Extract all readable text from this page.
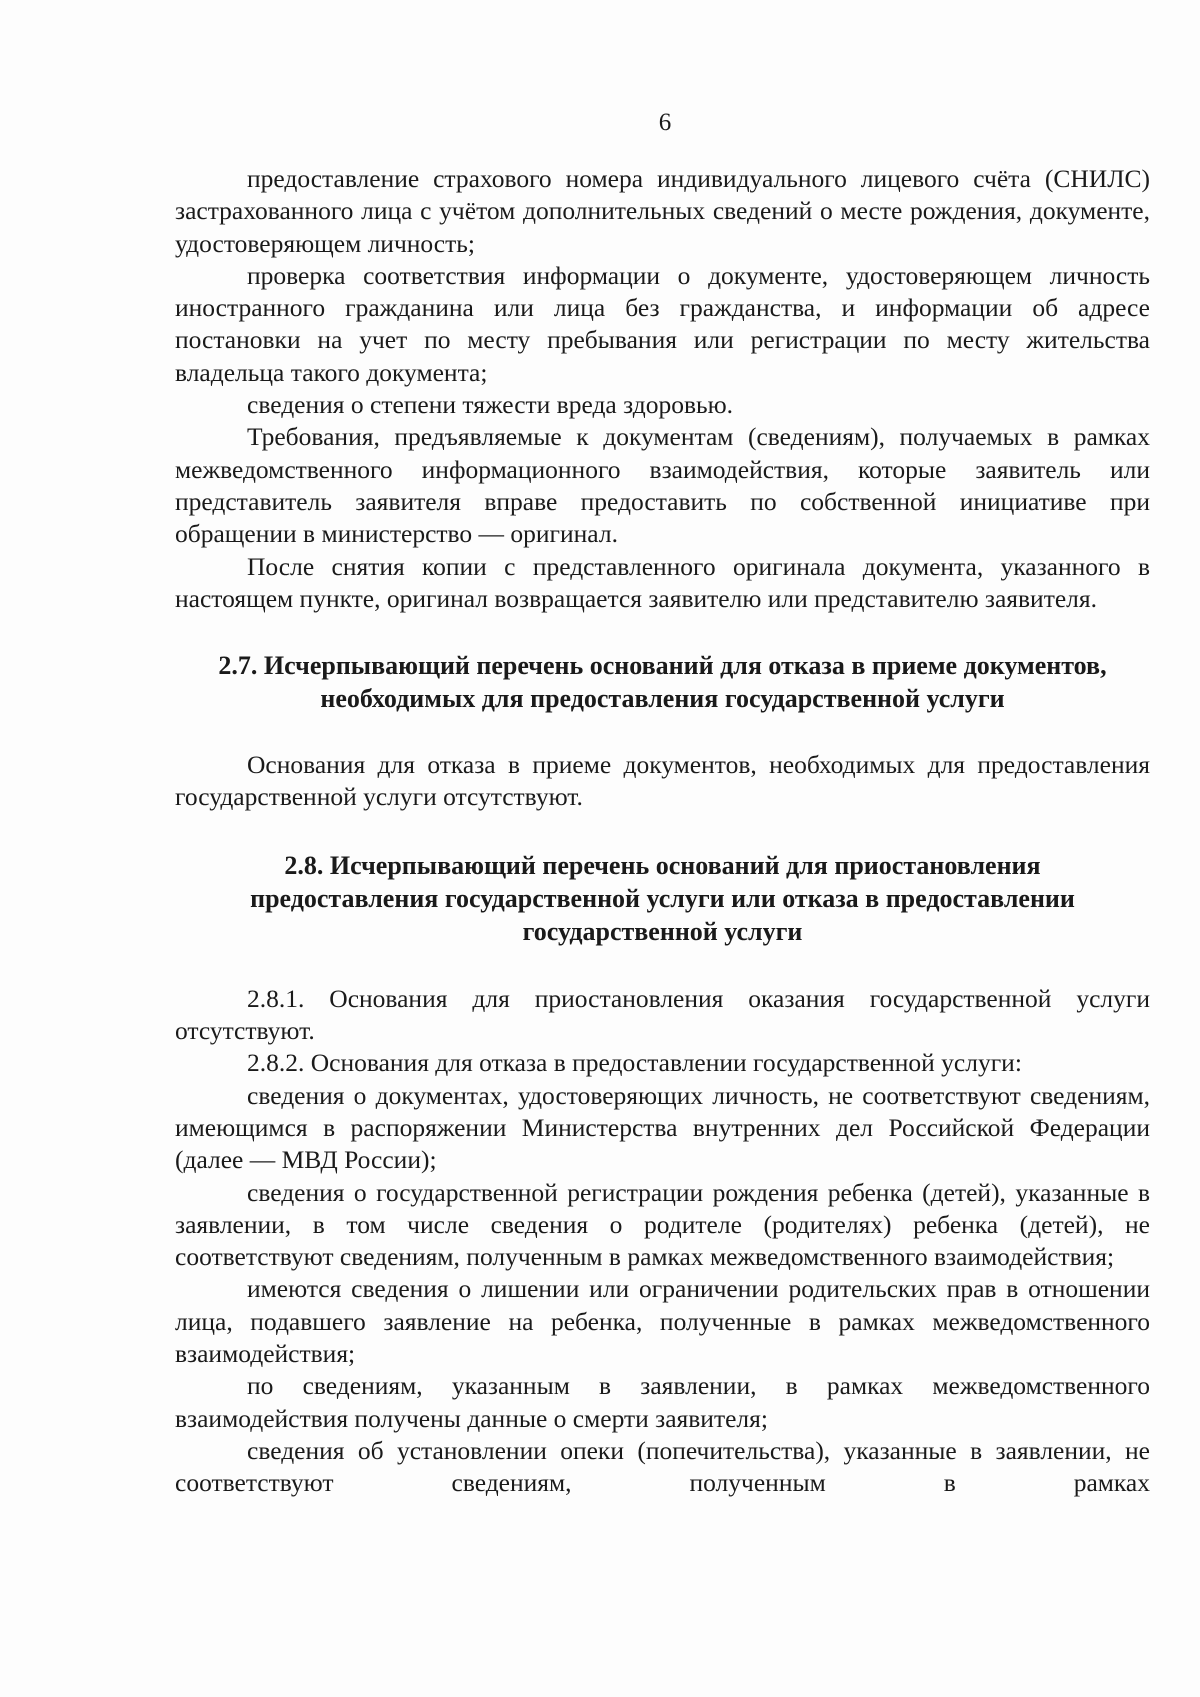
6

предоставление страхового номера индивидуального лицевого счёта (СНИЛС) застрахованного лица с учётом дополнительных сведений о месте рождения, документе, удостоверяющем личность;

проверка соответствия информации о документе, удостоверяющем личность иностранного гражданина или лица без гражданства, и информации об адресе постановки на учет по месту пребывания или регистрации по месту жительства владельца такого документа;

сведения о степени тяжести вреда здоровью.

Требования, предъявляемые к документам (сведениям), получаемых в рамках межведомственного информационного взаимодействия, которые заявитель или представитель заявителя вправе предоставить по собственной инициативе при обращении в министерство — оригинал.

После снятия копии с представленного оригинала документа, указанного в настоящем пункте, оригинал возвращается заявителю или представителю заявителя.

2.7. Исчерпывающий перечень оснований для отказа в приеме документов,
необходимых для предоставления государственной услуги

Основания для отказа в приеме документов, необходимых для предоставления государственной услуги отсутствуют.

2.8. Исчерпывающий перечень оснований для приостановления
предоставления государственной услуги или отказа в предоставлении
государственной услуги

2.8.1. Основания для приостановления оказания государственной услуги отсутствуют.

2.8.2. Основания для отказа в предоставлении государственной услуги:

сведения о документах, удостоверяющих личность, не соответствуют сведениям, имеющимся в распоряжении Министерства внутренних дел Российской Федерации (далее — МВД России);

сведения о государственной регистрации рождения ребенка (детей), указанные в заявлении, в том числе сведения о родителе (родителях) ребенка (детей), не соответствуют сведениям, полученным в рамках межведомственного взаимодействия;

имеются сведения о лишении или ограничении родительских прав в отношении лица, подавшего заявление на ребенка, полученные в рамках межведомственного взаимодействия;

по сведениям, указанным в заявлении, в рамках межведомственного взаимодействия получены данные о смерти заявителя;

сведения об установлении опеки (попечительства), указанные в заявлении, не соответствуют сведениям, полученным в рамках
